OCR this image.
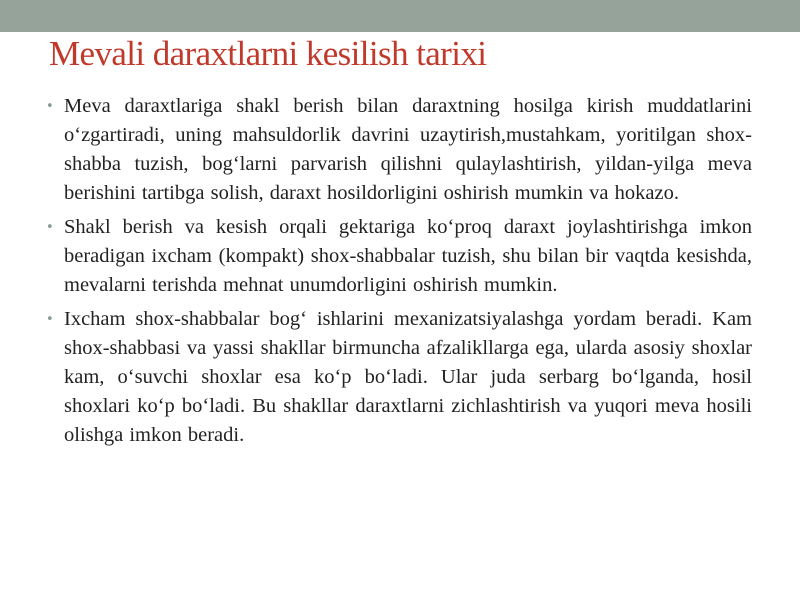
Mevali daraxtlarni kesilish tarixi
• Meva daraxtlariga shakl berish bilan daraxtning hosilga kirish muddatlarini o‘zgartiradi, uning mahsuldorlik davrini uzaytirish,mustahkam, yoritilgan shox-shabba tuzish, bog‘larni parvarish qilishni qulaylashtirish, yildan-yilga meva berishini tartibga solish, daraxt hosildorligini oshirish mumkin va hokazo.
• Shakl berish va kesish orqali gektariga ko‘proq daraxt joylashtirishga imkon beradigan ixcham (kompakt) shox-shabbalar tuzish, shu bilan bir vaqtda kesishda, mevalarni terishda mehnat unumdorligini oshirish mumkin.
• Ixcham shox-shabbalar bog‘ ishlarini mexanizatsiyalashga yordam beradi. Kam shox-shabbasi va yassi shakllar birmuncha afzalikllarga ega, ularda asosiy shoxlar kam, o‘suvchi shoxlar esa ko‘p bo‘ladi. Ular juda serbarg bo‘lganda, hosil shoxlari ko‘p bo‘ladi. Bu shakllar daraxtlarni zichlashtirish va yuqori meva hosili olishga imkon beradi.
